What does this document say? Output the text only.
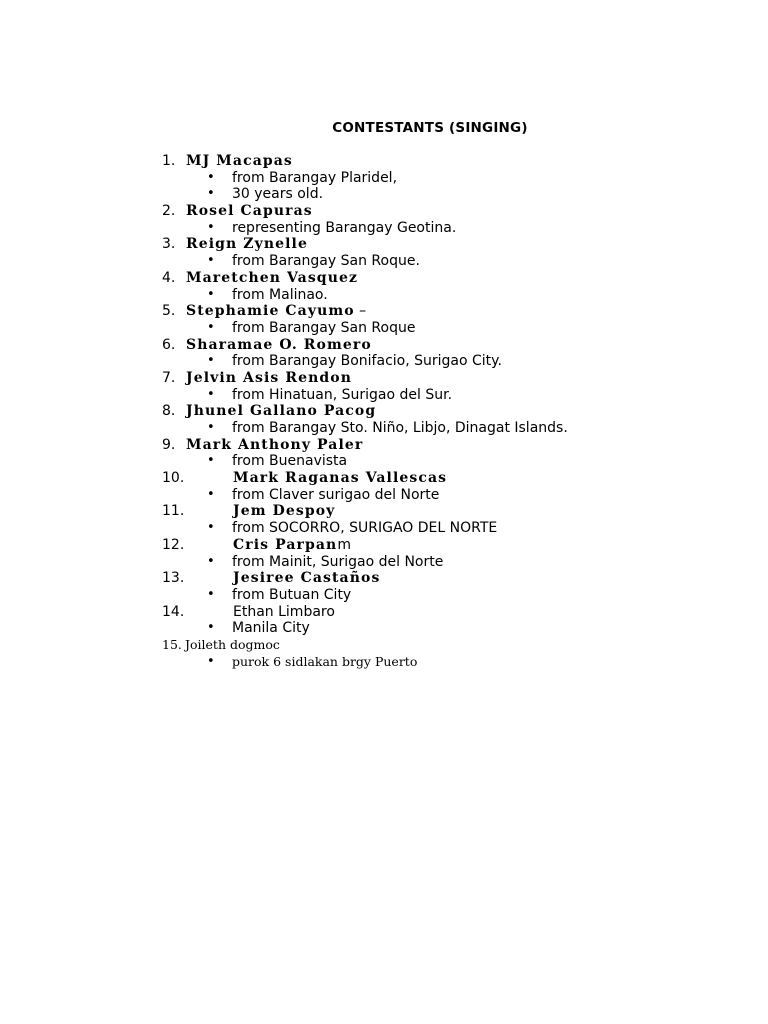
CONTESTANTS (SINGING)
1. MJ Macapas
• from Barangay Plaridel,
• 30 years old.
2. Rosel Capuras
• representing Barangay Geotina.
3. Reign Zynelle
• from Barangay San Roque.
4. Maretchen Vasquez
• from Malinao.
5. Stephamie Cayumo –
• from Barangay San Roque
6. Sharamae O. Romero
• from Barangay Bonifacio, Surigao City.
7. Jelvin Asis Rendon
• from Hinatuan, Surigao del Sur.
8. Jhunel Gallano Pacog
• from Barangay Sto. Niño, Libjo, Dinagat Islands.
9. Mark Anthony Paler
• from Buenavista
10.	Mark Raganas Vallescas
• from Claver surigao del Norte
11.	Jem Despoy
• from SOCORRO, SURIGAO DEL NORTE
12.	Cris Parpanm
• from Mainit, Surigao del Norte
13.	Jesiree Castaños
• from Butuan City
14.	Ethan Limbaro
• Manila City
15. Joileth dogmoc
• purok 6 sidlakan brgy Puerto
